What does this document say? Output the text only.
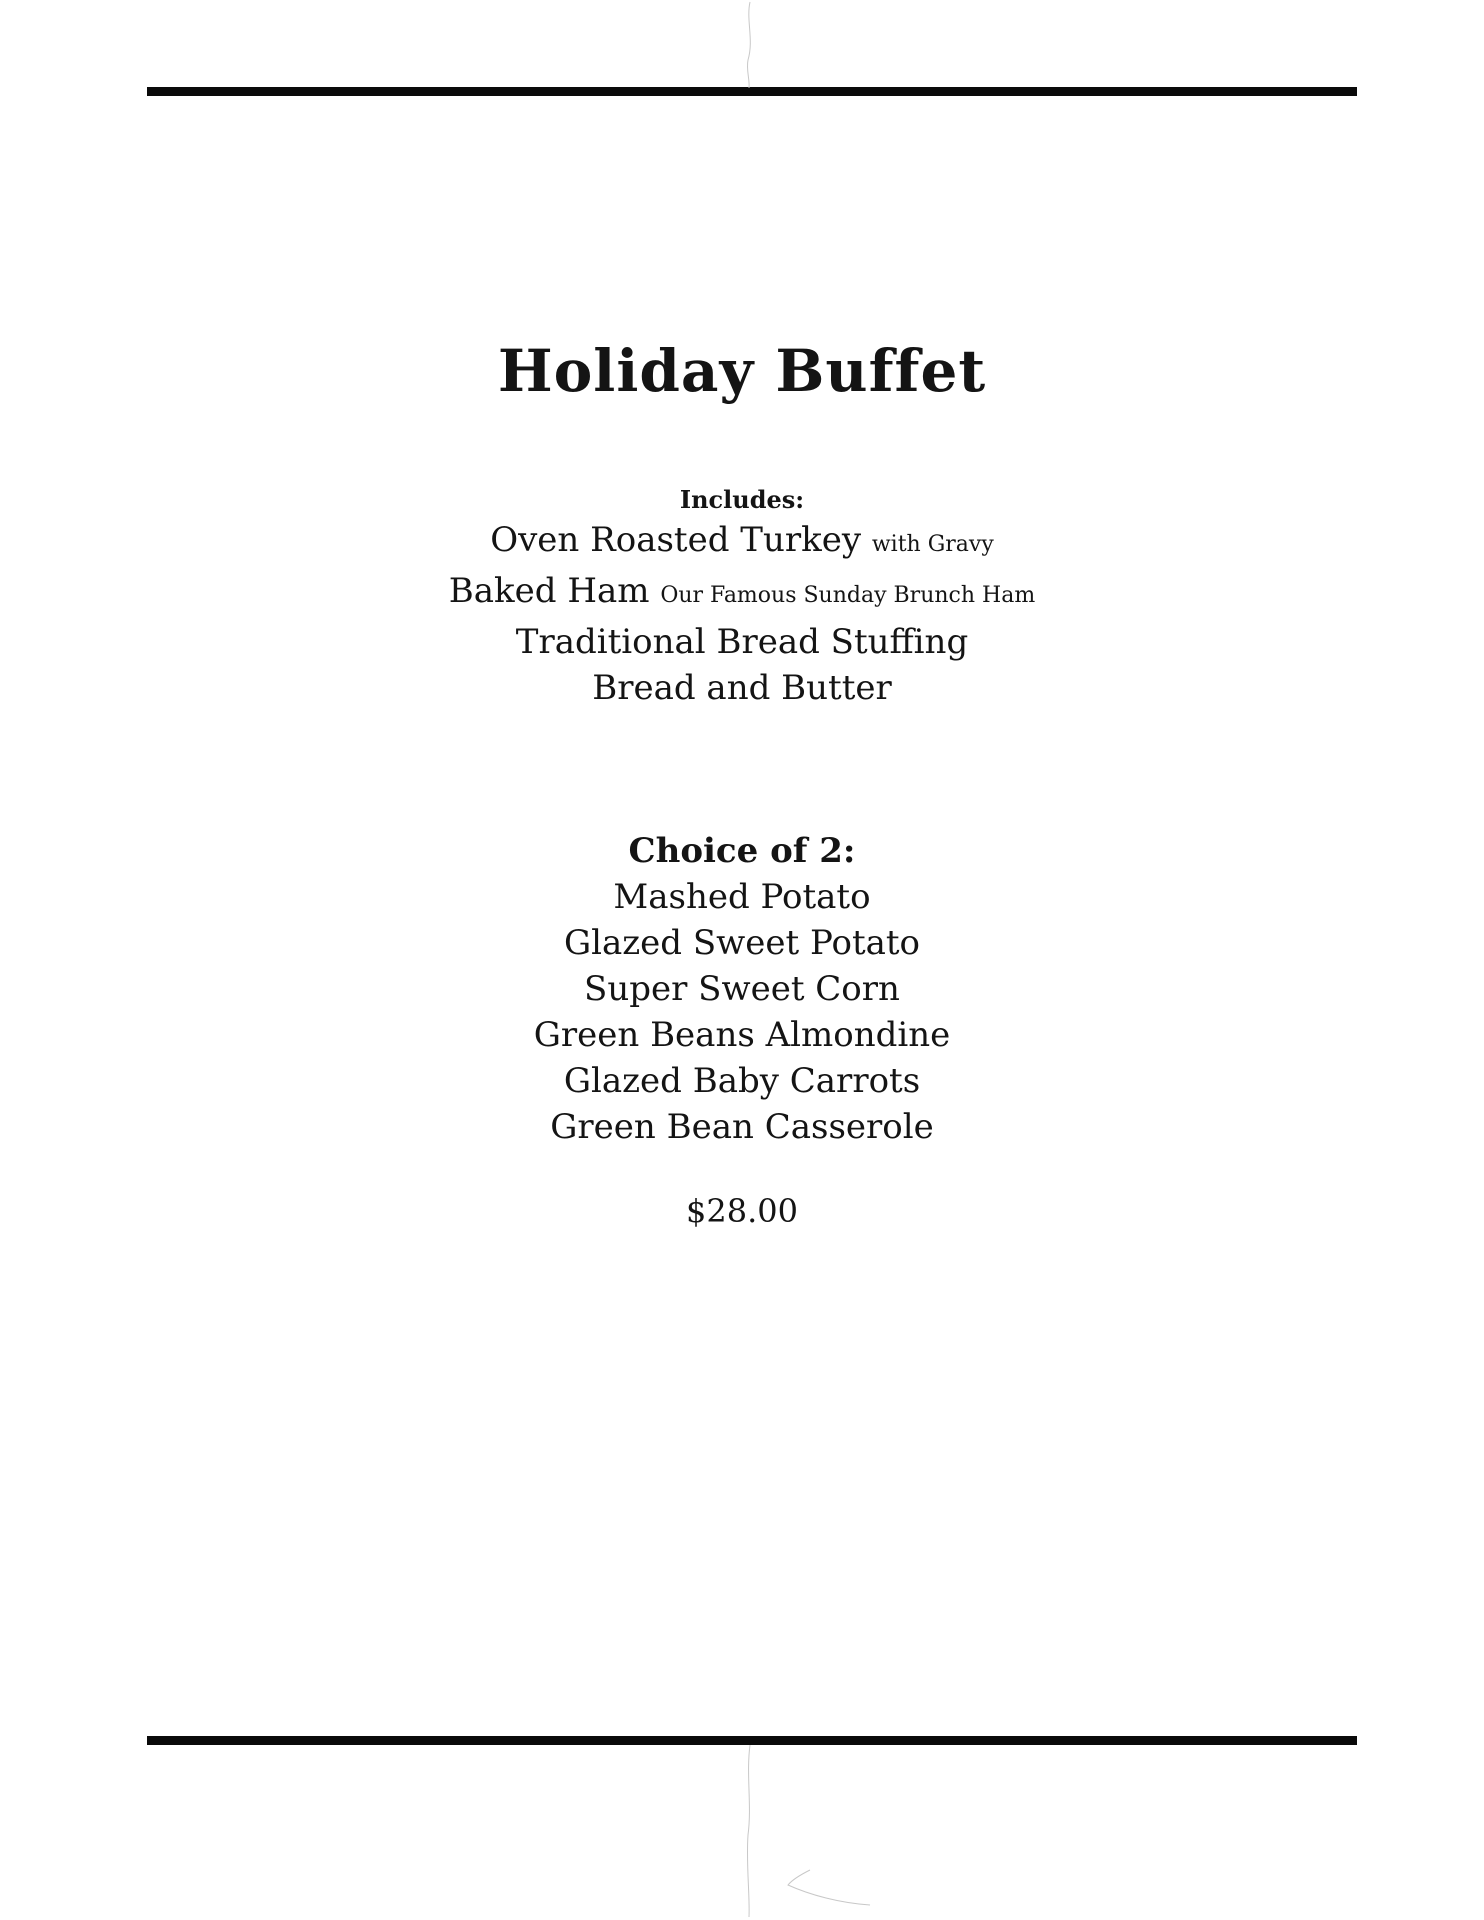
Holiday Buffet
Includes:
Oven Roasted Turkey with Gravy
Baked Ham Our Famous Sunday Brunch Ham
Traditional Bread Stuffing
Bread and Butter
Choice of 2:
Mashed Potato
Glazed Sweet Potato
Super Sweet Corn
Green Beans Almondine
Glazed Baby Carrots
Green Bean Casserole
$28.00
